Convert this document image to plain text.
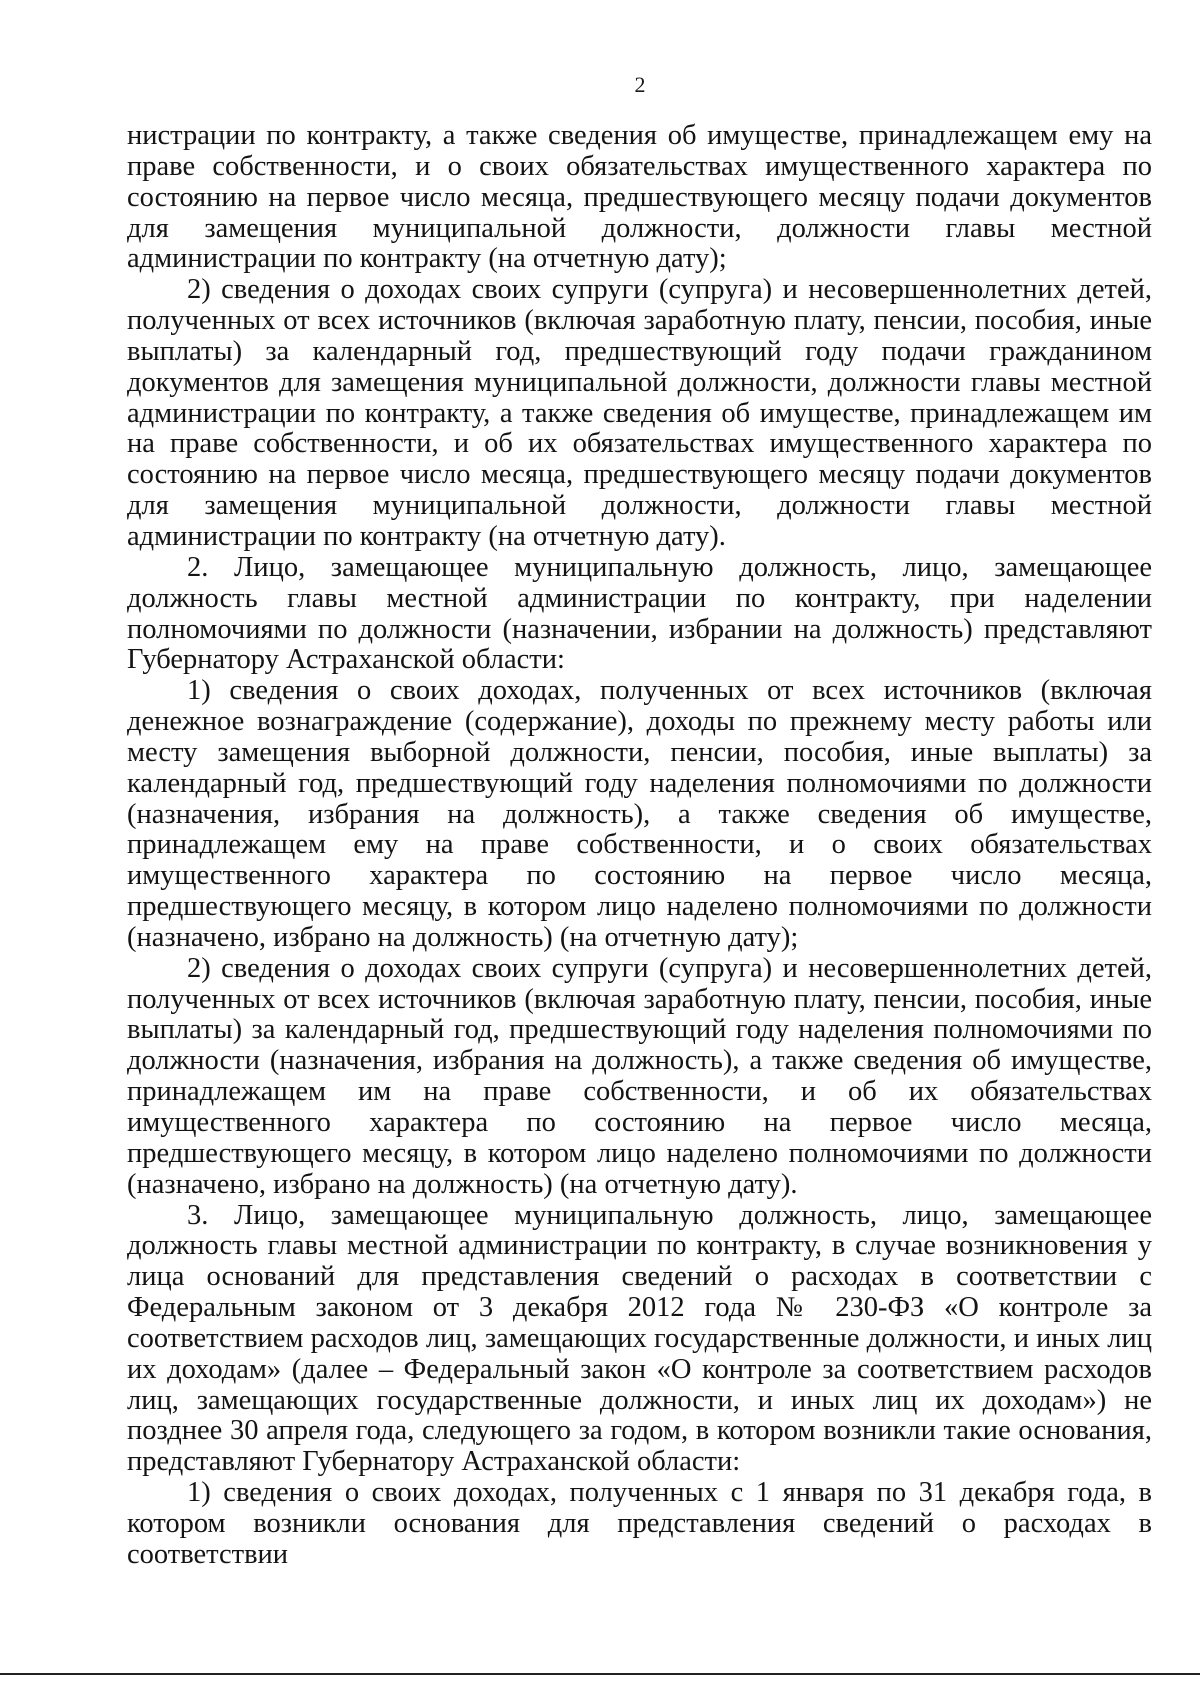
2

нистрации по контракту, а также сведения об имуществе, принадлежащем ему на праве собственности, и о своих обязательствах имущественного характера по состоянию на первое число месяца, предшествующего месяцу подачи документов для замещения муниципальной должности, должности главы местной администрации по контракту (на отчетную дату);

2) сведения о доходах своих супруги (супруга) и несовершеннолетних детей, полученных от всех источников (включая заработную плату, пенсии, пособия, иные выплаты) за календарный год, предшествующий году подачи гражданином документов для замещения муниципальной должности, должности главы местной администрации по контракту, а также сведения об имуществе, принадлежащем им на праве собственности, и об их обязательствах имущественного характера по состоянию на первое число месяца, предшествующего месяцу подачи документов для замещения муниципальной должности, должности главы местной администрации по контракту (на отчетную дату).

2. Лицо, замещающее муниципальную должность, лицо, замещающее должность главы местной администрации по контракту, при наделении полномочиями по должности (назначении, избрании на должность) представляют Губернатору Астраханской области:

1) сведения о своих доходах, полученных от всех источников (включая денежное вознаграждение (содержание), доходы по прежнему месту работы или месту замещения выборной должности, пенсии, пособия, иные выплаты) за календарный год, предшествующий году наделения полномочиями по должности (назначения, избрания на должность), а также сведения об имуществе, принадлежащем ему на праве собственности, и о своих обязательствах имущественного характера по состоянию на первое число месяца, предшествующего месяцу, в котором лицо наделено полномочиями по должности (назначено, избрано на должность) (на отчетную дату);

2) сведения о доходах своих супруги (супруга) и несовершеннолетних детей, полученных от всех источников (включая заработную плату, пенсии, пособия, иные выплаты) за календарный год, предшествующий году наделения полномочиями по должности (назначения, избрания на должность), а также сведения об имуществе, принадлежащем им на праве собственности, и об их обязательствах имущественного характера по состоянию на первое число месяца, предшествующего месяцу, в котором лицо наделено полномочиями по должности (назначено, избрано на должность) (на отчетную дату).

3. Лицо, замещающее муниципальную должность, лицо, замещающее должность главы местной администрации по контракту, в случае возникновения у лица оснований для представления сведений о расходах в соответствии с Федеральным законом от 3 декабря 2012 года № 230-ФЗ «О контроле за соответствием расходов лиц, замещающих государственные должности, и иных лиц их доходам» (далее – Федеральный закон «О контроле за соответствием расходов лиц, замещающих государственные должности, и иных лиц их доходам») не позднее 30 апреля года, следующего за годом, в котором возникли такие основания, представляют Губернатору Астраханской области:

1) сведения о своих доходах, полученных с 1 января по 31 декабря года, в котором возникли основания для представления сведений о расходах в соответствии
